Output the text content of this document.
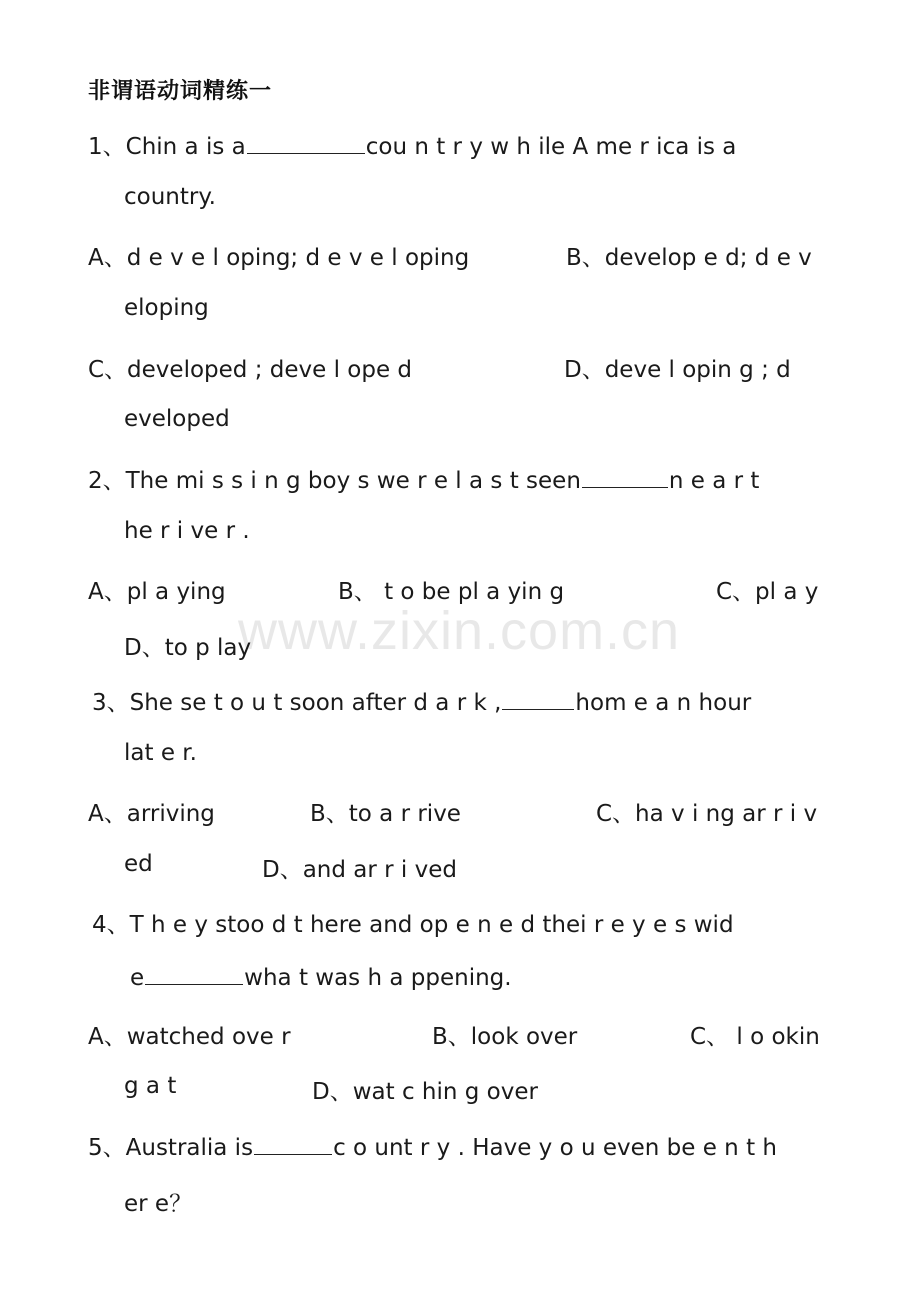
www.zixin.com.cn
非谓语动词精练一
1、Chin a is a	cou n t r y w h ile A me r ica is a
country.
A、d e v e l oping; d e v e l oping	B、develop e d; d e v
eloping
C、developed ; deve l ope d	D、deve l opin g ; d
eveloped
2、The mi s s i n g boy s we r e l a s t seen	n e a r t
he r i ve r .
A、pl a ying	B、 t o be pl a yin g	C、pl a y
D、to p lay
3、She se t o u t soon after d a r k ,	hom e a n hour
lat e r.
A、arriving	B、to a r rive	C、ha v i ng ar r i v
ed	D、and ar r i ved
4、T h e y stoo d t here and op e n e d thei r e y e s wid
e	wha t was h a ppening.
A、watched ove r	B、look over	C、 l o okin
g a t	D、wat c hin g over
5、Australia is	c o unt r y . Have y o u even be e n t h
er e？
